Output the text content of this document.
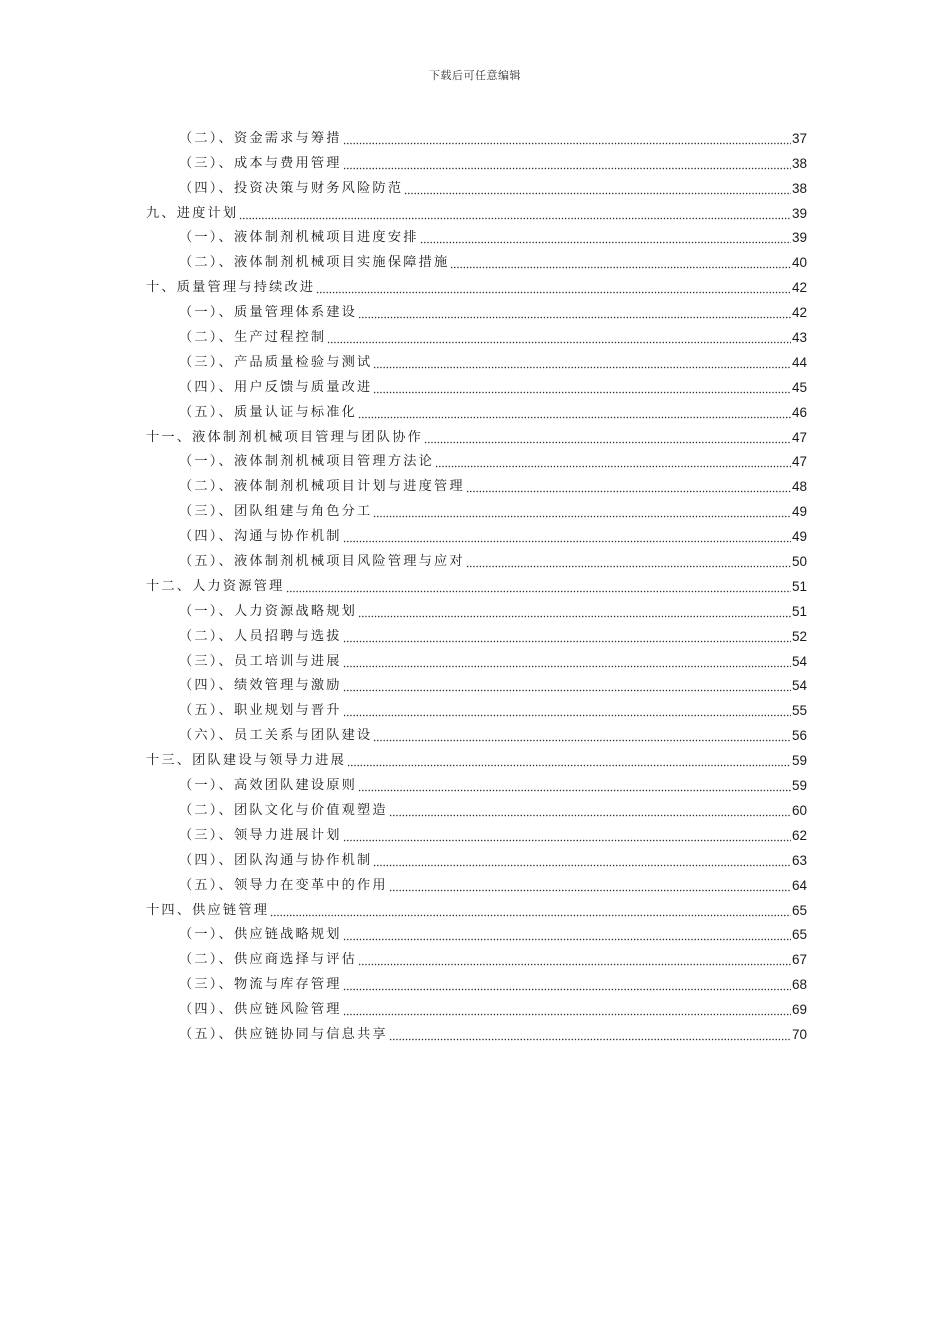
下载后可任意编辑
（二）、资金需求与筹措	37
（三）、成本与费用管理	38
（四）、投资决策与财务风险防范	38
九、进度计划	39
（一）、液体制剂机械项目进度安排	39
（二）、液体制剂机械项目实施保障措施	40
十、质量管理与持续改进	42
（一）、质量管理体系建设	42
（二）、生产过程控制	43
（三）、产品质量检验与测试	44
（四）、用户反馈与质量改进	45
（五）、质量认证与标准化	46
十一、液体制剂机械项目管理与团队协作	47
（一）、液体制剂机械项目管理方法论	47
（二）、液体制剂机械项目计划与进度管理	48
（三）、团队组建与角色分工	49
（四）、沟通与协作机制	49
（五）、液体制剂机械项目风险管理与应对	50
十二、人力资源管理	51
（一）、人力资源战略规划	51
（二）、人员招聘与选拔	52
（三）、员工培训与进展	54
（四）、绩效管理与激励	54
（五）、职业规划与晋升	55
（六）、员工关系与团队建设	56
十三、团队建设与领导力进展	59
（一）、高效团队建设原则	59
（二）、团队文化与价值观塑造	60
（三）、领导力进展计划	62
（四）、团队沟通与协作机制	63
（五）、领导力在变革中的作用	64
十四、供应链管理	65
（一）、供应链战略规划	65
（二）、供应商选择与评估	67
（三）、物流与库存管理	68
（四）、供应链风险管理	69
（五）、供应链协同与信息共享	70
